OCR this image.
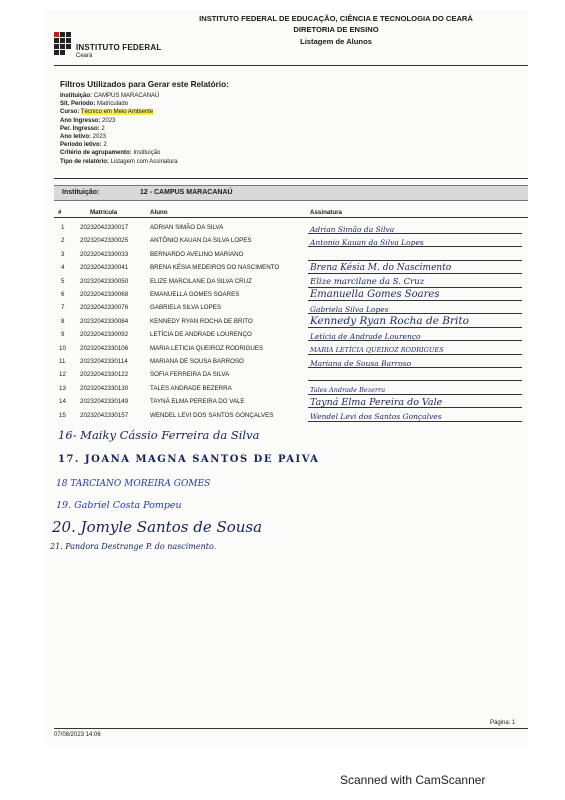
INSTITUTO FEDERAL
Ceará
INSTITUTO FEDERAL DE EDUCAÇÃO, CIÊNCIA E TECNOLOGIA DO CEARÁ
DIRETORIA DE ENSINO
Listagem de Alunos
Filtros Utilizados para Gerar este Relatório:
Instituição: CAMPUS MARACANAÚ
Sit. Período: Matriculado
Curso: Técnico em Meio Ambiente
Ano Ingresso: 2023
Per. Ingresso: 2
Ano letivo: 2023
Período letivo: 2
Critério de agrupamento: Instituição
Tipo de relatório: Listagem com Assinatura
Instituição:	12 - CAMPUS MARACANAÚ
#	Matrícula	Aluno	Assinatura
1	20232042330017	ADRIAN SIMÃO DA SILVA	Adrian Simão da Silva
2	20232042330025	ANTÔNIO KAUAN DA SILVA LOPES	Antonio Kauan da Silva Lopes
3	20232042330033	BERNARDO AVELINO MARIANO
4	20232042330041	BRENA KÉSIA MEDEIROS DO NASCIMENTO	Brena Késia M. do Nascimento
5	20232042330050	ELIZE MARCILANE DA SILVA CRUZ	Elize marcilane da S. Cruz
6	20232042330068	EMANUELLA GOMES SOARES	Emanuella Gomes Soares
7	20232042330076	GABRIELA SILVA LOPES	Gabriela Silva Lopes
8	20232042330084	KENNEDY RYAN ROCHA DE BRITO	Kennedy Ryan Rocha de Brito
9	20232042330092	LETÍCIA DE ANDRADE LOURENÇO	Letícia de Andrade Lourenço
10 20232042330106	MARIA LETICIA QUEIROZ RODRIGUES	MARIA LETÍCIA QUEIROZ RODRIGUES
11 20232042330114	MARIANA DE SOUSA BARROSO	Mariana de Sousa Barroso
12 20232042330122	SOFIA FERREIRA DA SILVA
13 20232042330130	TALES ANDRADE BEZERRA	Tales Andrade Bezerra
14 20232042330149	TAYNÁ ELMA PEREIRA DO VALE	Tayná Elma Pereira do Vale
15 20232042330157	WENDEL LEVI DOS SANTOS GONÇALVES	Wendel Levi dos Santos Gonçalves
16- Maiky Cássio Ferreira da Silva
17. JOANA MAGNA SANTOS DE PAIVA
18 TARCIANO MOREIRA GOMES
19. Gabriel Costa Pompeu
20. Jomyle Santos de Sousa
21. Pandora Destrange P. do nascimento.
07/08/2023 14:06
Página: 1
Scanned with CamScanner
